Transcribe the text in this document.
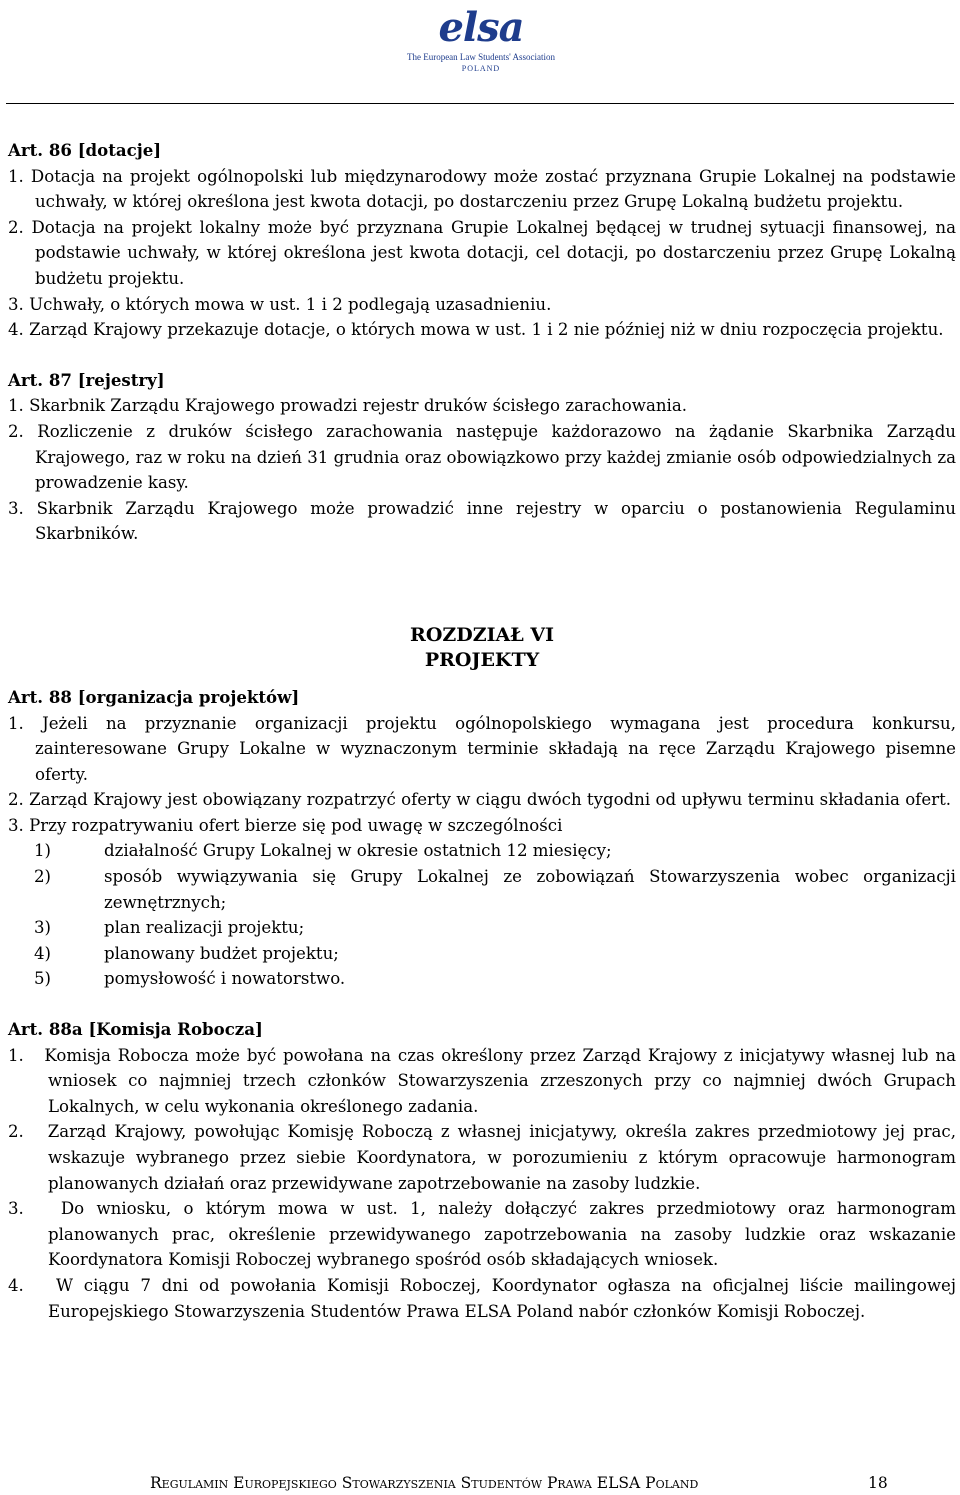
elsa
The European Law Students' Association
POLAND

Art. 86 [dotacje]

1. Dotacja na projekt ogólnopolski lub międzynarodowy może zostać przyznana Grupie Lokalnej na podstawie uchwały, w której określona jest kwota dotacji, po dostarczeniu przez Grupę Lokalną budżetu projektu.

2. Dotacja na projekt lokalny może być przyznana Grupie Lokalnej będącej w trudnej sytuacji finansowej, na podstawie uchwały, w której określona jest kwota dotacji, cel dotacji, po dostarczeniu przez Grupę Lokalną budżetu projektu.

3. Uchwały, o których mowa w ust. 1 i 2 podlegają uzasadnieniu.

4. Zarząd Krajowy przekazuje dotacje, o których mowa w ust. 1 i 2 nie później niż w dniu rozpoczęcia projektu.

Art. 87 [rejestry]

1. Skarbnik Zarządu Krajowego prowadzi rejestr druków ścisłego zarachowania.

2. Rozliczenie z druków ścisłego zarachowania następuje każdorazowo na żądanie Skarbnika Zarządu Krajowego, raz w roku na dzień 31 grudnia oraz obowiązkowo przy każdej zmianie osób odpowiedzialnych za prowadzenie kasy.

3. Skarbnik Zarządu Krajowego może prowadzić inne rejestry w oparciu o postanowienia Regulaminu Skarbników.

ROZDZIAŁ VI

PROJEKTY

Art. 88 [organizacja projektów]

1. Jeżeli na przyznanie organizacji projektu ogólnopolskiego wymagana jest procedura konkursu, zainteresowane Grupy Lokalne w wyznaczonym terminie składają na ręce Zarządu Krajowego pisemne oferty.

2. Zarząd Krajowy jest obowiązany rozpatrzyć oferty w ciągu dwóch tygodni od upływu terminu składania ofert.

3. Przy rozpatrywaniu ofert bierze się pod uwagę w szczególności

1)	działalność Grupy Lokalnej w okresie ostatnich 12 miesięcy;
2)	sposób wywiązywania się Grupy Lokalnej ze zobowiązań Stowarzyszenia wobec organizacji zewnętrznych;
3)	plan realizacji projektu;
4)	planowany budżet projektu;
5)	pomysłowość i nowatorstwo.

Art. 88a [Komisja Robocza]

1.   Komisja Robocza może być powołana na czas określony przez Zarząd Krajowy z inicjatywy własnej lub na wniosek co najmniej trzech członków Stowarzyszenia zrzeszonych przy co najmniej dwóch Grupach Lokalnych, w celu wykonania określonego zadania.

2.   Zarząd Krajowy, powołując Komisję Roboczą z własnej inicjatywy, określa zakres przedmiotowy jej prac, wskazuje wybranego przez siebie Koordynatora, w porozumieniu z którym opracowuje harmonogram planowanych działań oraz przewidywane zapotrzebowanie na zasoby ludzkie.

3.   Do wniosku, o którym mowa w ust. 1, należy dołączyć zakres przedmiotowy oraz harmonogram planowanych prac, określenie przewidywanego zapotrzebowania na zasoby ludzkie oraz wskazanie Koordynatora Komisji Roboczej wybranego spośród osób składających wniosek.

4.   W ciągu 7 dni od powołania Komisji Roboczej, Koordynator ogłasza na oficjalnej liście mailingowej Europejskiego Stowarzyszenia Studentów Prawa ELSA Poland nabór członków Komisji Roboczej.

Regulamin Europejskiego Stowarzyszenia Studentów Prawa ELSA Poland	18
